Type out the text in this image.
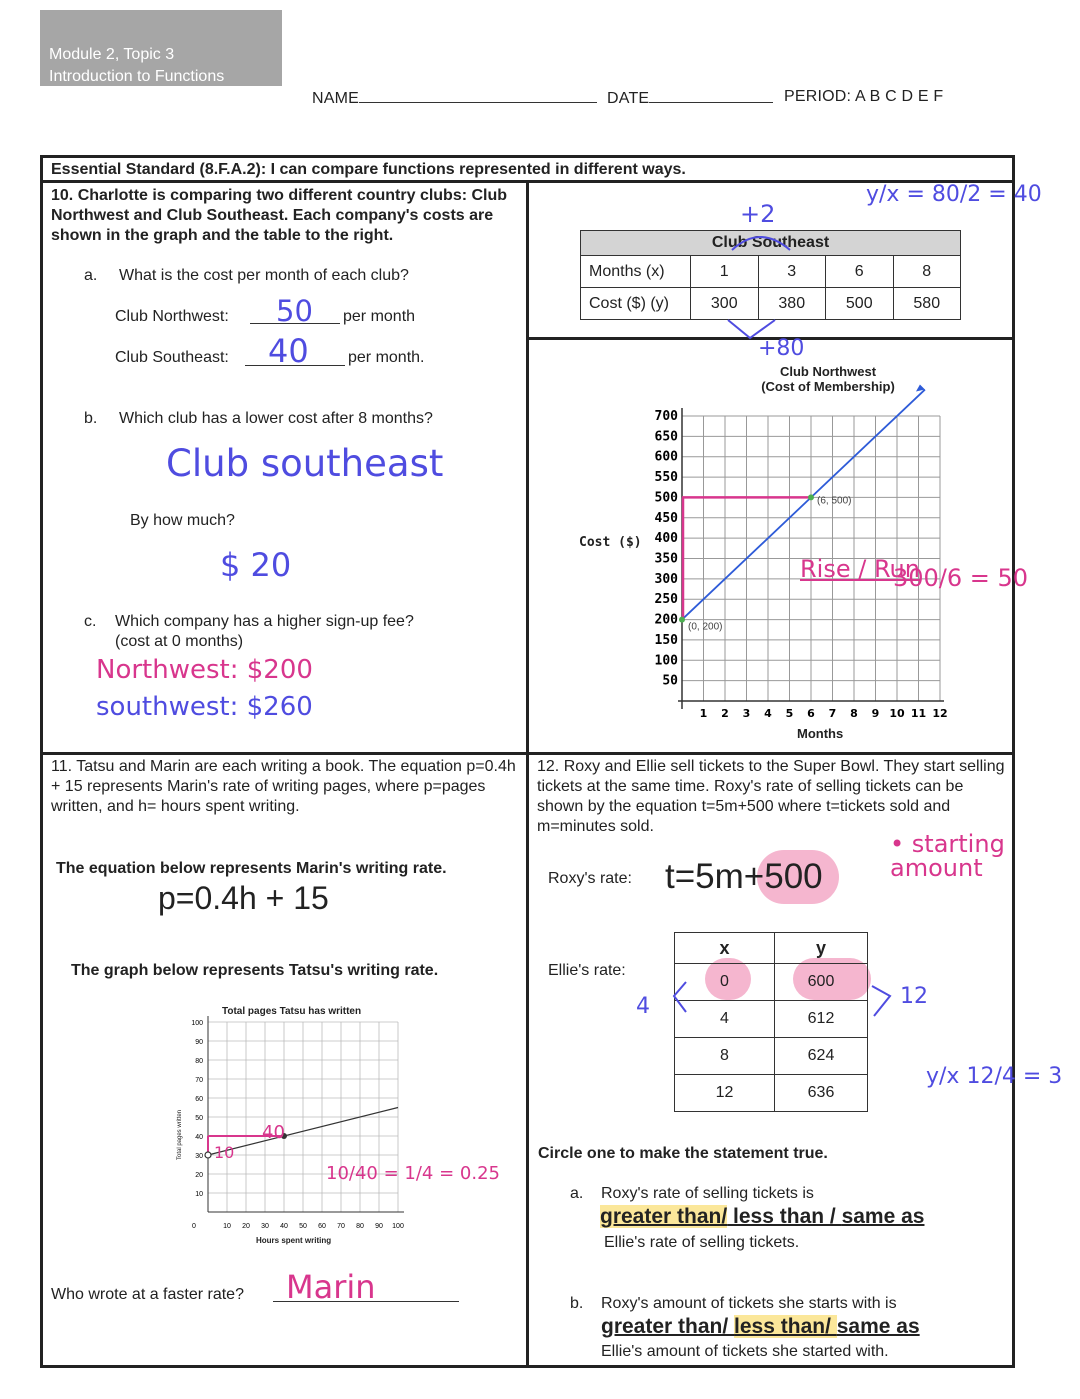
Module 2, Topic 3
Introduction to Functions
NAME	DATE	PERIOD: A B C D E F
Essential Standard (8.F.A.2): I can compare functions represented in different ways.
10. Charlotte is comparing two different country clubs: Club Northwest and Club Southeast. Each company's costs are shown in the graph and the table to the right.
a. What is the cost per month of each club?
Club Northwest: 50 per month
Club Southeast: 40 per month.
b. Which club has a lower cost after 8 months?
Club southeast
By how much?
$ 20
c. Which company has a higher sign-up fee?
(cost at 0 months)
Northwest: $200
southwest: $260
y/x = 80/2 = 40
+2
Club Southeast				
Months (x)	1	3	6	8
Cost ($) (y)	300	380	500	580
+80
Club Northwest
(Cost of Membership)
Cost ($)
Months
50
100
150
200
250
300
350
400
450
500
550
600
650
700
1 2 3 4 5 6 7 8 9 10 11 12
(0, 200)
(6, 500)
Rise / Run
300/6 = 50
11. Tatsu and Marin are each writing a book. The equation p=0.4h + 15 represents Marin's rate of writing pages, where p=pages written, and h= hours spent writing.
The equation below represents Marin's writing rate.
p=0.4h + 15
The graph below represents Tatsu's writing rate.
Total pages Tatsu has written
Hours spent writing
Total pages written
10
20
30
40
50
60
70
80
90
100
0	10 20 30 40 50 60 70 80 90 100
40
10
10/40 = 1/4 = 0.25
Who wrote at a faster rate? Marin
12. Roxy and Ellie sell tickets to the Super Bowl. They start selling tickets at the same time. Roxy's rate of selling tickets can be shown by the equation t=5m+500 where t=tickets sold and m=minutes sold.
• starting amount
Roxy's rate: t=5m+500
Ellie's rate:
x	y
0	600
4	612
8	624
12	636
4	12
y/x 12/4 = 3
Circle one to make the statement true.
a. Roxy's rate of selling tickets is
greater than/ less than / same as
Ellie's rate of selling tickets.
b. Roxy's amount of tickets she starts with is
greater than/ less than/ same as
Ellie's amount of tickets she started with.
